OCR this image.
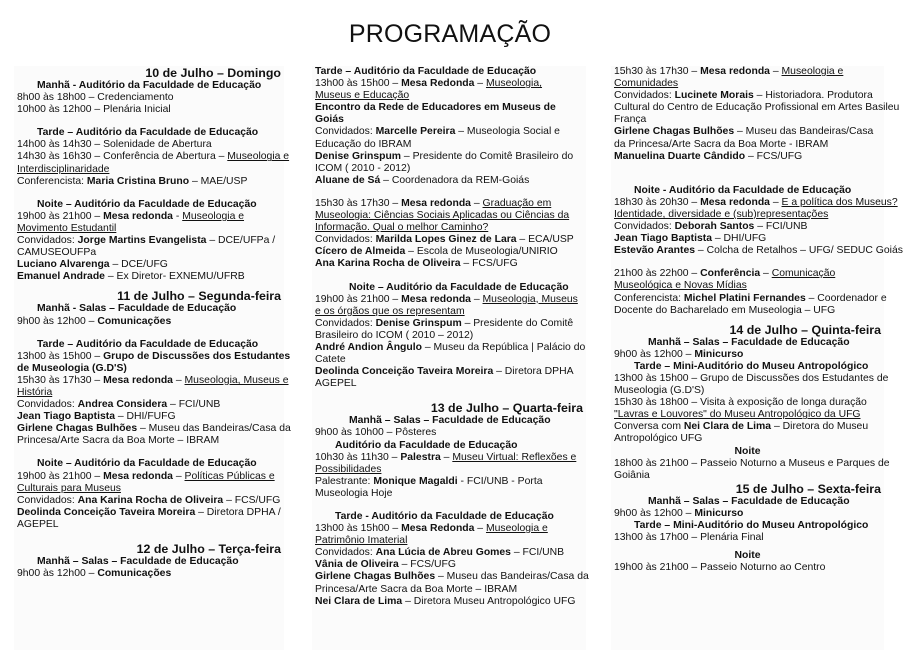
PROGRAMAÇÃO
10 de Julho – Domingo
Manhã - Auditório da Faculdade de Educação
8h00 às 18h00 – Credenciamento
10h00 às 12h00 – Plenária Inicial
Tarde – Auditório da Faculdade de Educação
14h00 às 14h30 – Solenidade de Abertura
14h30 às 16h30 – Conferência de Abertura – Museologia e
Interdisciplinaridade
Conferencista: Maria Cristina Bruno – MAE/USP
Noite – Auditório da Faculdade de Educação
19h00 às 21h00 – Mesa redonda - Museologia e
Movimento Estudantil
Convidados: Jorge Martins Evangelista – DCE/UFPa /
CAMUSEOUFPa
Luciano Alvarenga – DCE/UFG
Emanuel Andrade – Ex Diretor- EXNEMU/UFRB
11 de Julho – Segunda-feira
Manhã - Salas – Faculdade de Educação
9h00 às 12h00 – Comunicações
Tarde – Auditório da Faculdade de Educação
13h00 às 15h00 – Grupo de Discussões dos Estudantes
de Museologia (G.D'S)
15h30 às 17h30 – Mesa redonda – Museologia, Museus e
História
Convidados: Andrea Considera – FCI/UNB
Jean Tiago Baptista – DHI/FUFG
Girlene Chagas Bulhões – Museu das Bandeiras/Casa da
Princesa/Arte Sacra da Boa Morte – IBRAM
Noite – Auditório da Faculdade de Educação
19h00 às 21h00 – Mesa redonda – Políticas Públicas e
Culturais para Museus
Convidados: Ana Karina Rocha de Oliveira – FCS/UFG
Deolinda Conceição Taveira Moreira – Diretora DPHA /
AGEPEL
12 de Julho – Terça-feira
Manhã – Salas – Faculdade de Educação
9h00 às 12h00 – Comunicações
Tarde – Auditório da Faculdade de Educação
13h00 às 15h00 – Mesa Redonda – Museologia,
Museus e Educação
Encontro da Rede de Educadores em Museus de
Goiás
Convidados: Marcelle Pereira – Museologia Social e
Educação do IBRAM
Denise Grinspum – Presidente do Comitê Brasileiro do
ICOM ( 2010 - 2012)
Aluane de Sá – Coordenadora da REM-Goiás
15h30 às 17h30 – Mesa redonda – Graduação em
Museologia: Ciências Sociais Aplicadas ou Ciências da
Informação. Qual o melhor Caminho?
Convidados: Marilda Lopes Ginez de Lara – ECA/USP
Cícero de Almeida – Escola de Museologia/UNIRIO
Ana Karina Rocha de Oliveira – FCS/UFG
Noite – Auditório da Faculdade de Educação
19h00 às 21h00 – Mesa redonda – Museologia, Museus
e os órgãos que os representam
Convidados: Denise Grinspum – Presidente do Comitê
Brasileiro do ICOM ( 2010 – 2012)
André Andion Ângulo – Museu da República | Palácio do
Catete
Deolinda Conceição Taveira Moreira – Diretora DPHA
AGEPEL
13 de Julho – Quarta-feira
Manhã – Salas – Faculdade de Educação
9h00 às 10h00 – Pôsteres
Auditório da Faculdade de Educação
10h30 às 11h30 – Palestra – Museu Virtual: Reflexões e
Possibilidades
Palestrante: Monique Magaldi - FCI/UNB - Porta
Museologia Hoje
Tarde - Auditório da Faculdade de Educação
13h00 às 15h00 – Mesa Redonda – Museologia e
Patrimônio Imaterial
Convidados: Ana Lúcia de Abreu Gomes – FCI/UNB
Vânia de Oliveira – FCS/UFG
Girlene Chagas Bulhões – Museu das Bandeiras/Casa da
Princesa/Arte Sacra da Boa Morte – IBRAM
Nei Clara de Lima – Diretora Museu Antropológico UFG
15h30 às 17h30 – Mesa redonda – Museologia e
Comunidades
Convidados: Lucinete Morais – Historiadora. Produtora
Cultural do Centro de Educação Profissional em Artes Basileu
França
Girlene Chagas Bulhões – Museu das Bandeiras/Casa
da Princesa/Arte Sacra da Boa Morte - IBRAM
Manuelina Duarte Cândido – FCS/UFG
Noite - Auditório da Faculdade de Educação
18h30 às 20h30 – Mesa redonda – E a política dos Museus?
Identidade, diversidade e (sub)representações
Convidados: Deborah Santos – FCI/UNB
Jean Tiago Baptista – DHI/UFG
Estevão Arantes – Colcha de Retalhos – UFG/ SEDUC Goiás
21h00 às 22h00 – Conferência – Comunicação
Museológica e Novas Mídias
Conferencista: Michel Platini Fernandes – Coordenador e
Docente do Bacharelado em Museologia – UFG
14 de Julho – Quinta-feira
Manhã – Salas – Faculdade de Educação
9h00 às 12h00 – Minicurso
Tarde – Mini-Auditório do Museu Antropológico
13h00 às 15h00 – Grupo de Discussões dos Estudantes de
Museologia (G.D'S)
15h30 às 18h00 – Visita à exposição de longa duração
"Lavras e Louvores" do Museu Antropológico da UFG
Conversa com Nei Clara de Lima – Diretora do Museu
Antropológico UFG
Noite
18h00 às 21h00 – Passeio Noturno a Museus e Parques de
Goiânia
15 de Julho – Sexta-feira
Manhã – Salas – Faculdade de Educação
9h00 às 12h00 – Minicurso
Tarde – Mini-Auditório do Museu Antropológico
13h00 às 17h00 – Plenária Final
Noite
19h00 às 21h00 – Passeio Noturno ao Centro
